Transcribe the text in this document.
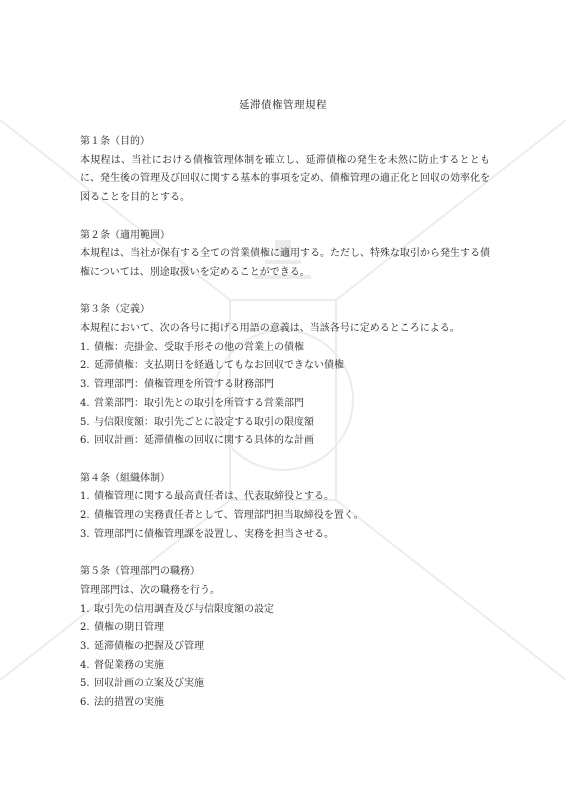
延滞債権管理規程
第１条（目的）
本規程は、当社における債権管理体制を確立し、延滞債権の発生を未然に防止するとともに、発生後の管理及び回収に関する基本的事項を定め、債権管理の適正化と回収の効率化を図ることを目的とする。
第２条（適用範囲）
本規程は、当社が保有する全ての営業債権に適用する。ただし、特殊な取引から発生する債権については、別途取扱いを定めることができる。
第３条（定義）
本規程において、次の各号に掲げる用語の意義は、当該各号に定めるところによる。
1. 債権：売掛金、受取手形その他の営業上の債権
2. 延滞債権：支払期日を経過してもなお回収できない債権
3. 管理部門：債権管理を所管する財務部門
4. 営業部門：取引先との取引を所管する営業部門
5. 与信限度額：取引先ごとに設定する取引の限度額
6. 回収計画：延滞債権の回収に関する具体的な計画
第４条（組織体制）
1. 債権管理に関する最高責任者は、代表取締役とする。
2. 債権管理の実務責任者として、管理部門担当取締役を置く。
3. 管理部門に債権管理課を設置し、実務を担当させる。
第５条（管理部門の職務）
管理部門は、次の職務を行う。
1. 取引先の信用調査及び与信限度額の設定
2. 債権の期日管理
3. 延滞債権の把握及び管理
4. 督促業務の実施
5. 回収計画の立案及び実施
6. 法的措置の実施
